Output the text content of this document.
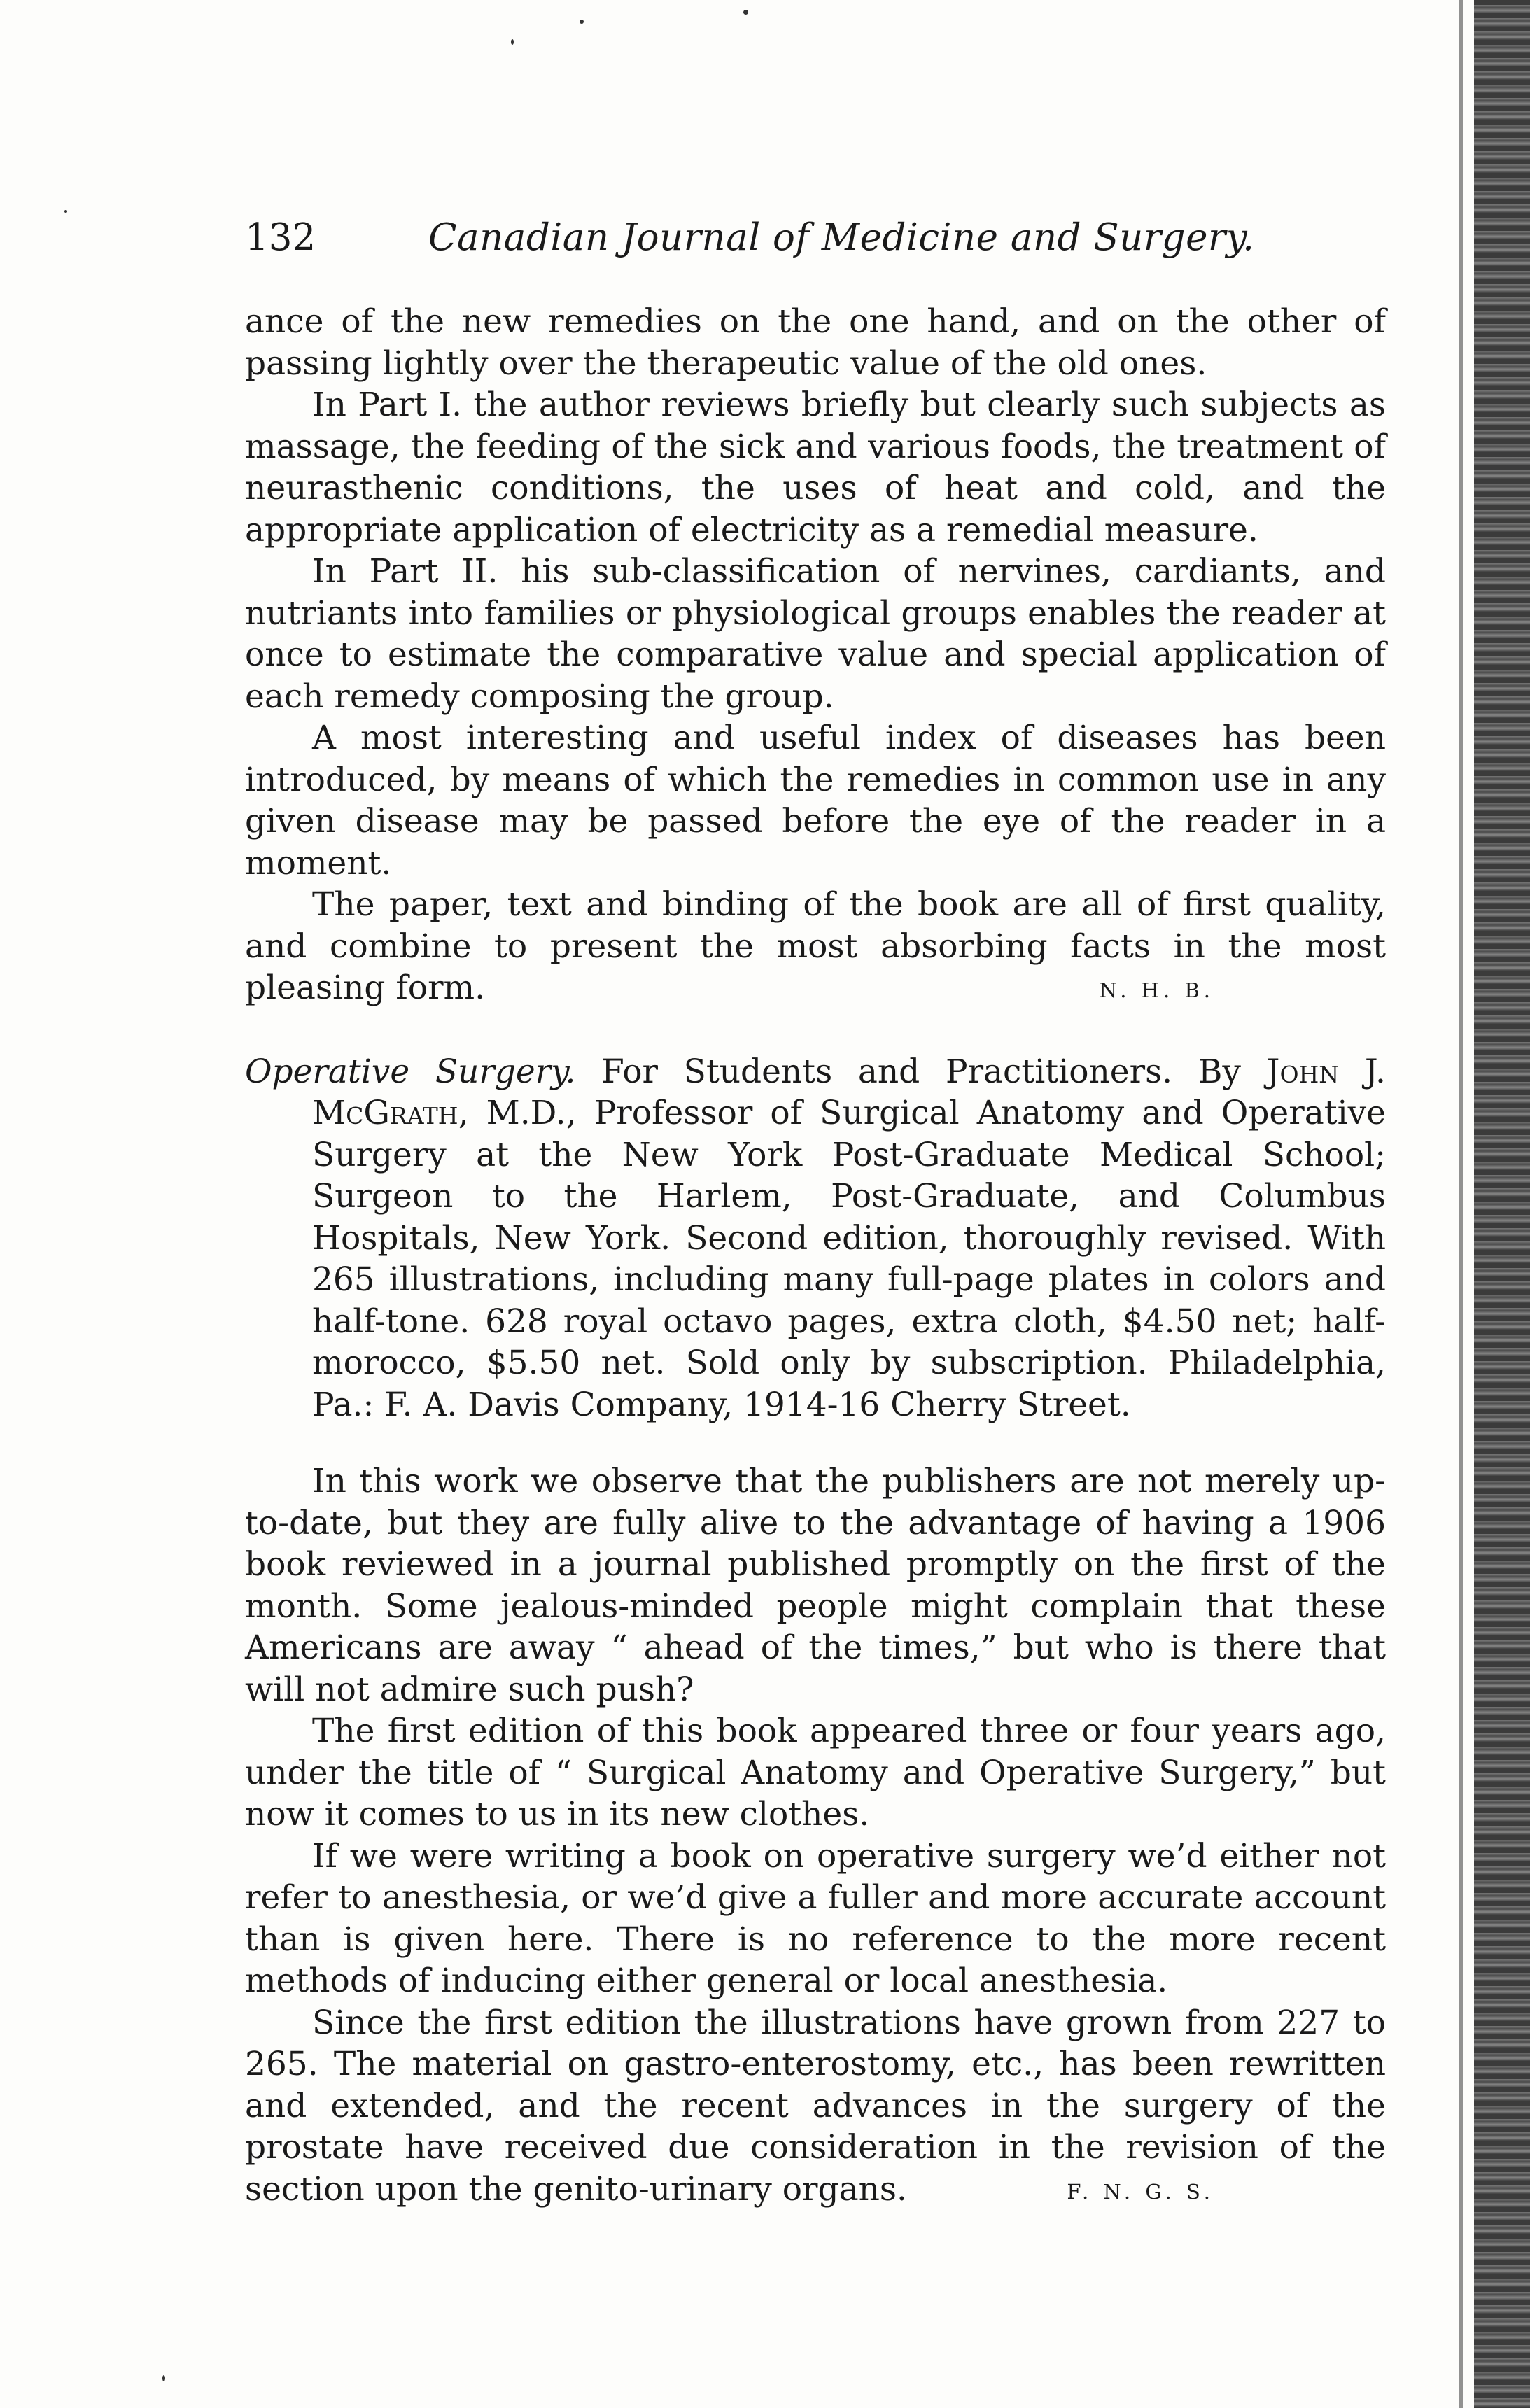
132	Canadian Journal of Medicine and Surgery.

ance of the new remedies on the one hand, and on the other of passing lightly over the therapeutic value of the old ones.

In Part I. the author reviews briefly but clearly such subjects as massage, the feeding of the sick and various foods, the treatment of neurasthenic conditions, the uses of heat and cold, and the appropriate application of electricity as a remedial measure.

In Part II. his sub-classification of nervines, cardiants, and nutriants into families or physiological groups enables the reader at once to estimate the comparative value and special application of each remedy composing the group.

A most interesting and useful index of diseases has been introduced, by means of which the remedies in common use in any given disease may be passed before the eye of the reader in a moment.

The paper, text and binding of the book are all of first quality, and combine to present the most absorbing facts in the most pleasing form.	N. H. B.

Operative Surgery. For Students and Practitioners. By John J. McGrath, M.D., Professor of Surgical Anatomy and Operative Surgery at the New York Post-Graduate Medical School; Surgeon to the Harlem, Post-Graduate, and Columbus Hospitals, New York. Second edition, thoroughly revised. With 265 illustrations, including many full-page plates in colors and half-tone. 628 royal octavo pages, extra cloth, $4.50 net; half-morocco, $5.50 net. Sold only by subscription. Philadelphia, Pa.: F. A. Davis Company, 1914-16 Cherry Street.

In this work we observe that the publishers are not merely up-to-date, but they are fully alive to the advantage of having a 1906 book reviewed in a journal published promptly on the first of the month. Some jealous-minded people might complain that these Americans are away “ ahead of the times,” but who is there that will not admire such push?

The first edition of this book appeared three or four years ago, under the title of “ Surgical Anatomy and Operative Surgery,” but now it comes to us in its new clothes.

If we were writing a book on operative surgery we’d either not refer to anesthesia, or we’d give a fuller and more accurate account than is given here. There is no reference to the more recent methods of inducing either general or local anesthesia.

Since the first edition the illustrations have grown from 227 to 265. The material on gastro-enterostomy, etc., has been rewritten and extended, and the recent advances in the surgery of the prostate have received due consideration in the revision of the section upon the genito-urinary organs.	F. N. G. S.
